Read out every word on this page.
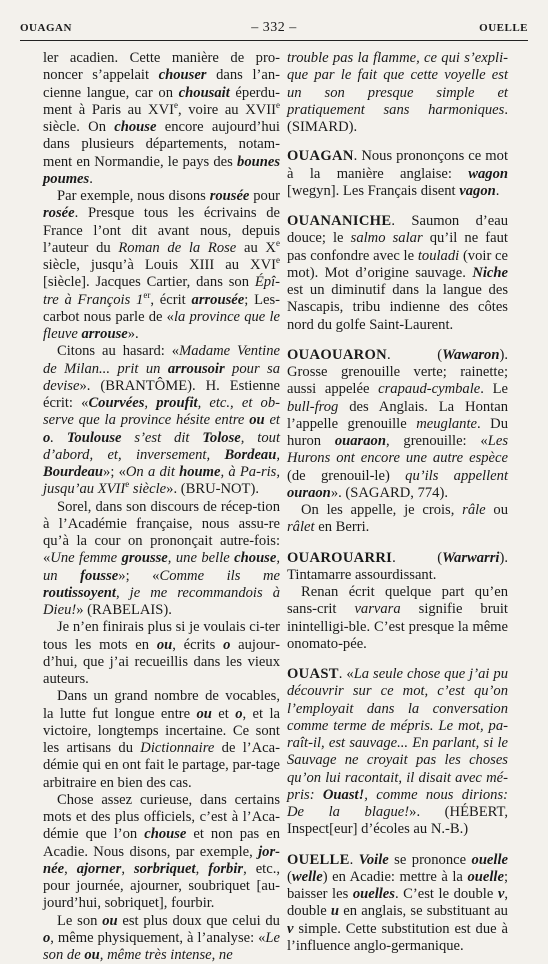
OUAGAN	– 332 –	OUELLE

ler acadien. Cette manière de pro-noncer s’appelait chouser dans l’an-cienne langue, car on chousait éperdu-ment à Paris au XVIe, voire au XVIIe siècle. On chouse encore aujourd’hui dans plusieurs départements, notam-ment en Normandie, le pays des bounes poumes.

Par exemple, nous disons rousée pour rosée. Presque tous les écrivains de France l’ont dit avant nous, depuis l’auteur du Roman de la Rose au Xe siècle, jusqu’à Louis XIII au XVIe [siècle]. Jacques Cartier, dans son Épî-tre à François 1er, écrit arrousée; Les-carbot nous parle de «la province que le fleuve arrouse».

Citons au hasard: «Madame Ventine de Milan... prit un arrousoir pour sa devise». (BRANTÔME). H. Estienne écrit: «Courvées, proufit, etc., et ob-serve que la province hésite entre ou et o. Toulouse s’est dit Tolose, tout d’abord, et, inversement, Bordeau, Bourdeau»; «On a dit houme, à Pa-ris, jusqu’au XVIIe siècle». (BRU-NOT).

Sorel, dans son discours de récep-tion à l’Académie française, nous assu-re qu’à la cour on prononçait autre-fois: «Une femme grousse, une belle chouse, un fousse»; «Comme ils me routissoyent, je me recommandois à Dieu!» (RABELAIS).

Je n’en finirais plus si je voulais ci-ter tous les mots en ou, écrits o aujour-d’hui, que j’ai recueillis dans les vieux auteurs.

Dans un grand nombre de vocables, la lutte fut longue entre ou et o, et la victoire, longtemps incertaine. Ce sont les artisans du Dictionnaire de l’Aca-démie qui en ont fait le partage, par-tage arbitraire en bien des cas.

Chose assez curieuse, dans certains mots et des plus officiels, c’est à l’Aca-démie que l’on chouse et non pas en Acadie. Nous disons, par exemple, jor-née, ajorner, sorbriquet, forbir, etc., pour journée, ajourner, soubriquet [au-jourd’hui, sobriquet], fourbir.

Le son ou est plus doux que celui du o, même physiquement, à l’analyse: «Le son de ou, même très intense, ne

trouble pas la flamme, ce qui s’expli-que par le fait que cette voyelle est un son presque simple et pratiquement sans harmoniques. (SIMARD).

OUAGAN. Nous prononçons ce mot à la manière anglaise: wagon [wegyn]. Les Français disent vagon.

OUANANICHE. Saumon d’eau douce; le salmo salar qu’il ne faut pas confondre avec le touladi (voir ce mot). Mot d’origine sauvage. Niche est un diminutif dans la langue des Nascapis, tribu indienne des côtes nord du golfe Saint-Laurent.

OUAOUARON. (Wawaron). Grosse grenouille verte; rainette; aussi appelée crapaud-cymbale. Le bull-frog des Anglais. La Hontan l’appelle grenouille meuglante. Du huron ouaraon, grenouille: «Les Hurons ont encore une autre espèce (de grenouil-le) qu’ils appellent ouraon». (SAGARD, 774).

On les appelle, je crois, râle ou râlet en Berri.

OUAROUARRI. (Warwarri). Tintamarre assourdissant.

Renan écrit quelque part qu’en sans-crit varvara signifie bruit inintelligi-ble. C’est presque la même onomato-pée.

OUAST. «La seule chose que j’ai pu découvrir sur ce mot, c’est qu’on l’employait dans la conversation comme terme de mépris. Le mot, pa-raît-il, est sauvage... En parlant, si le Sauvage ne croyait pas les choses qu’on lui racontait, il disait avec mé-pris: Ouast!, comme nous dirions: De la blague!». (HÉBERT, Inspect[eur] d’écoles au N.-B.)

OUELLE. Voile se prononce ouelle (welle) en Acadie: mettre à la ouelle; baisser les ouelles. C’est le double v, double u en anglais, se substituant au v simple. Cette substitution est due à l’influence anglo-germanique.
